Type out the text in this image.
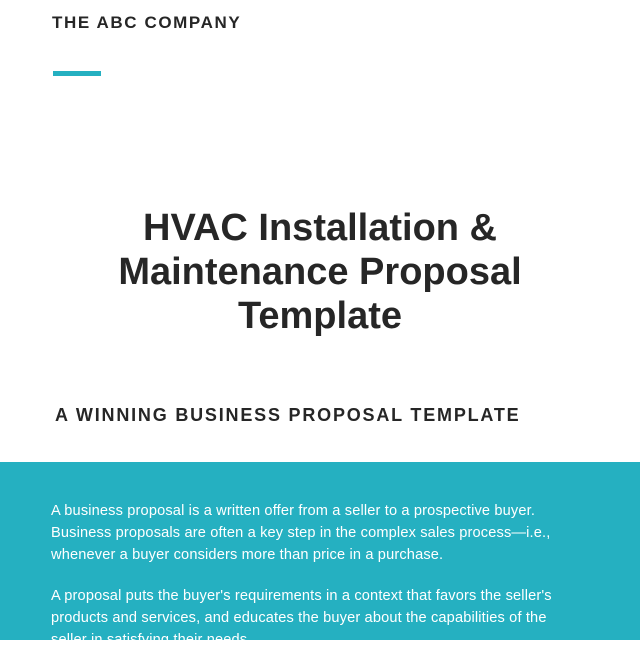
THE ABC COMPANY
HVAC Installation &
Maintenance Proposal
Template
A WINNING BUSINESS PROPOSAL TEMPLATE
A business proposal is a written offer from a seller to a prospective buyer.
Business proposals are often a key step in the complex sales process—i.e.,
whenever a buyer considers more than price in a purchase.
A proposal puts the buyer's requirements in a context that favors the seller's
products and services, and educates the buyer about the capabilities of the
seller in satisfying their needs.
